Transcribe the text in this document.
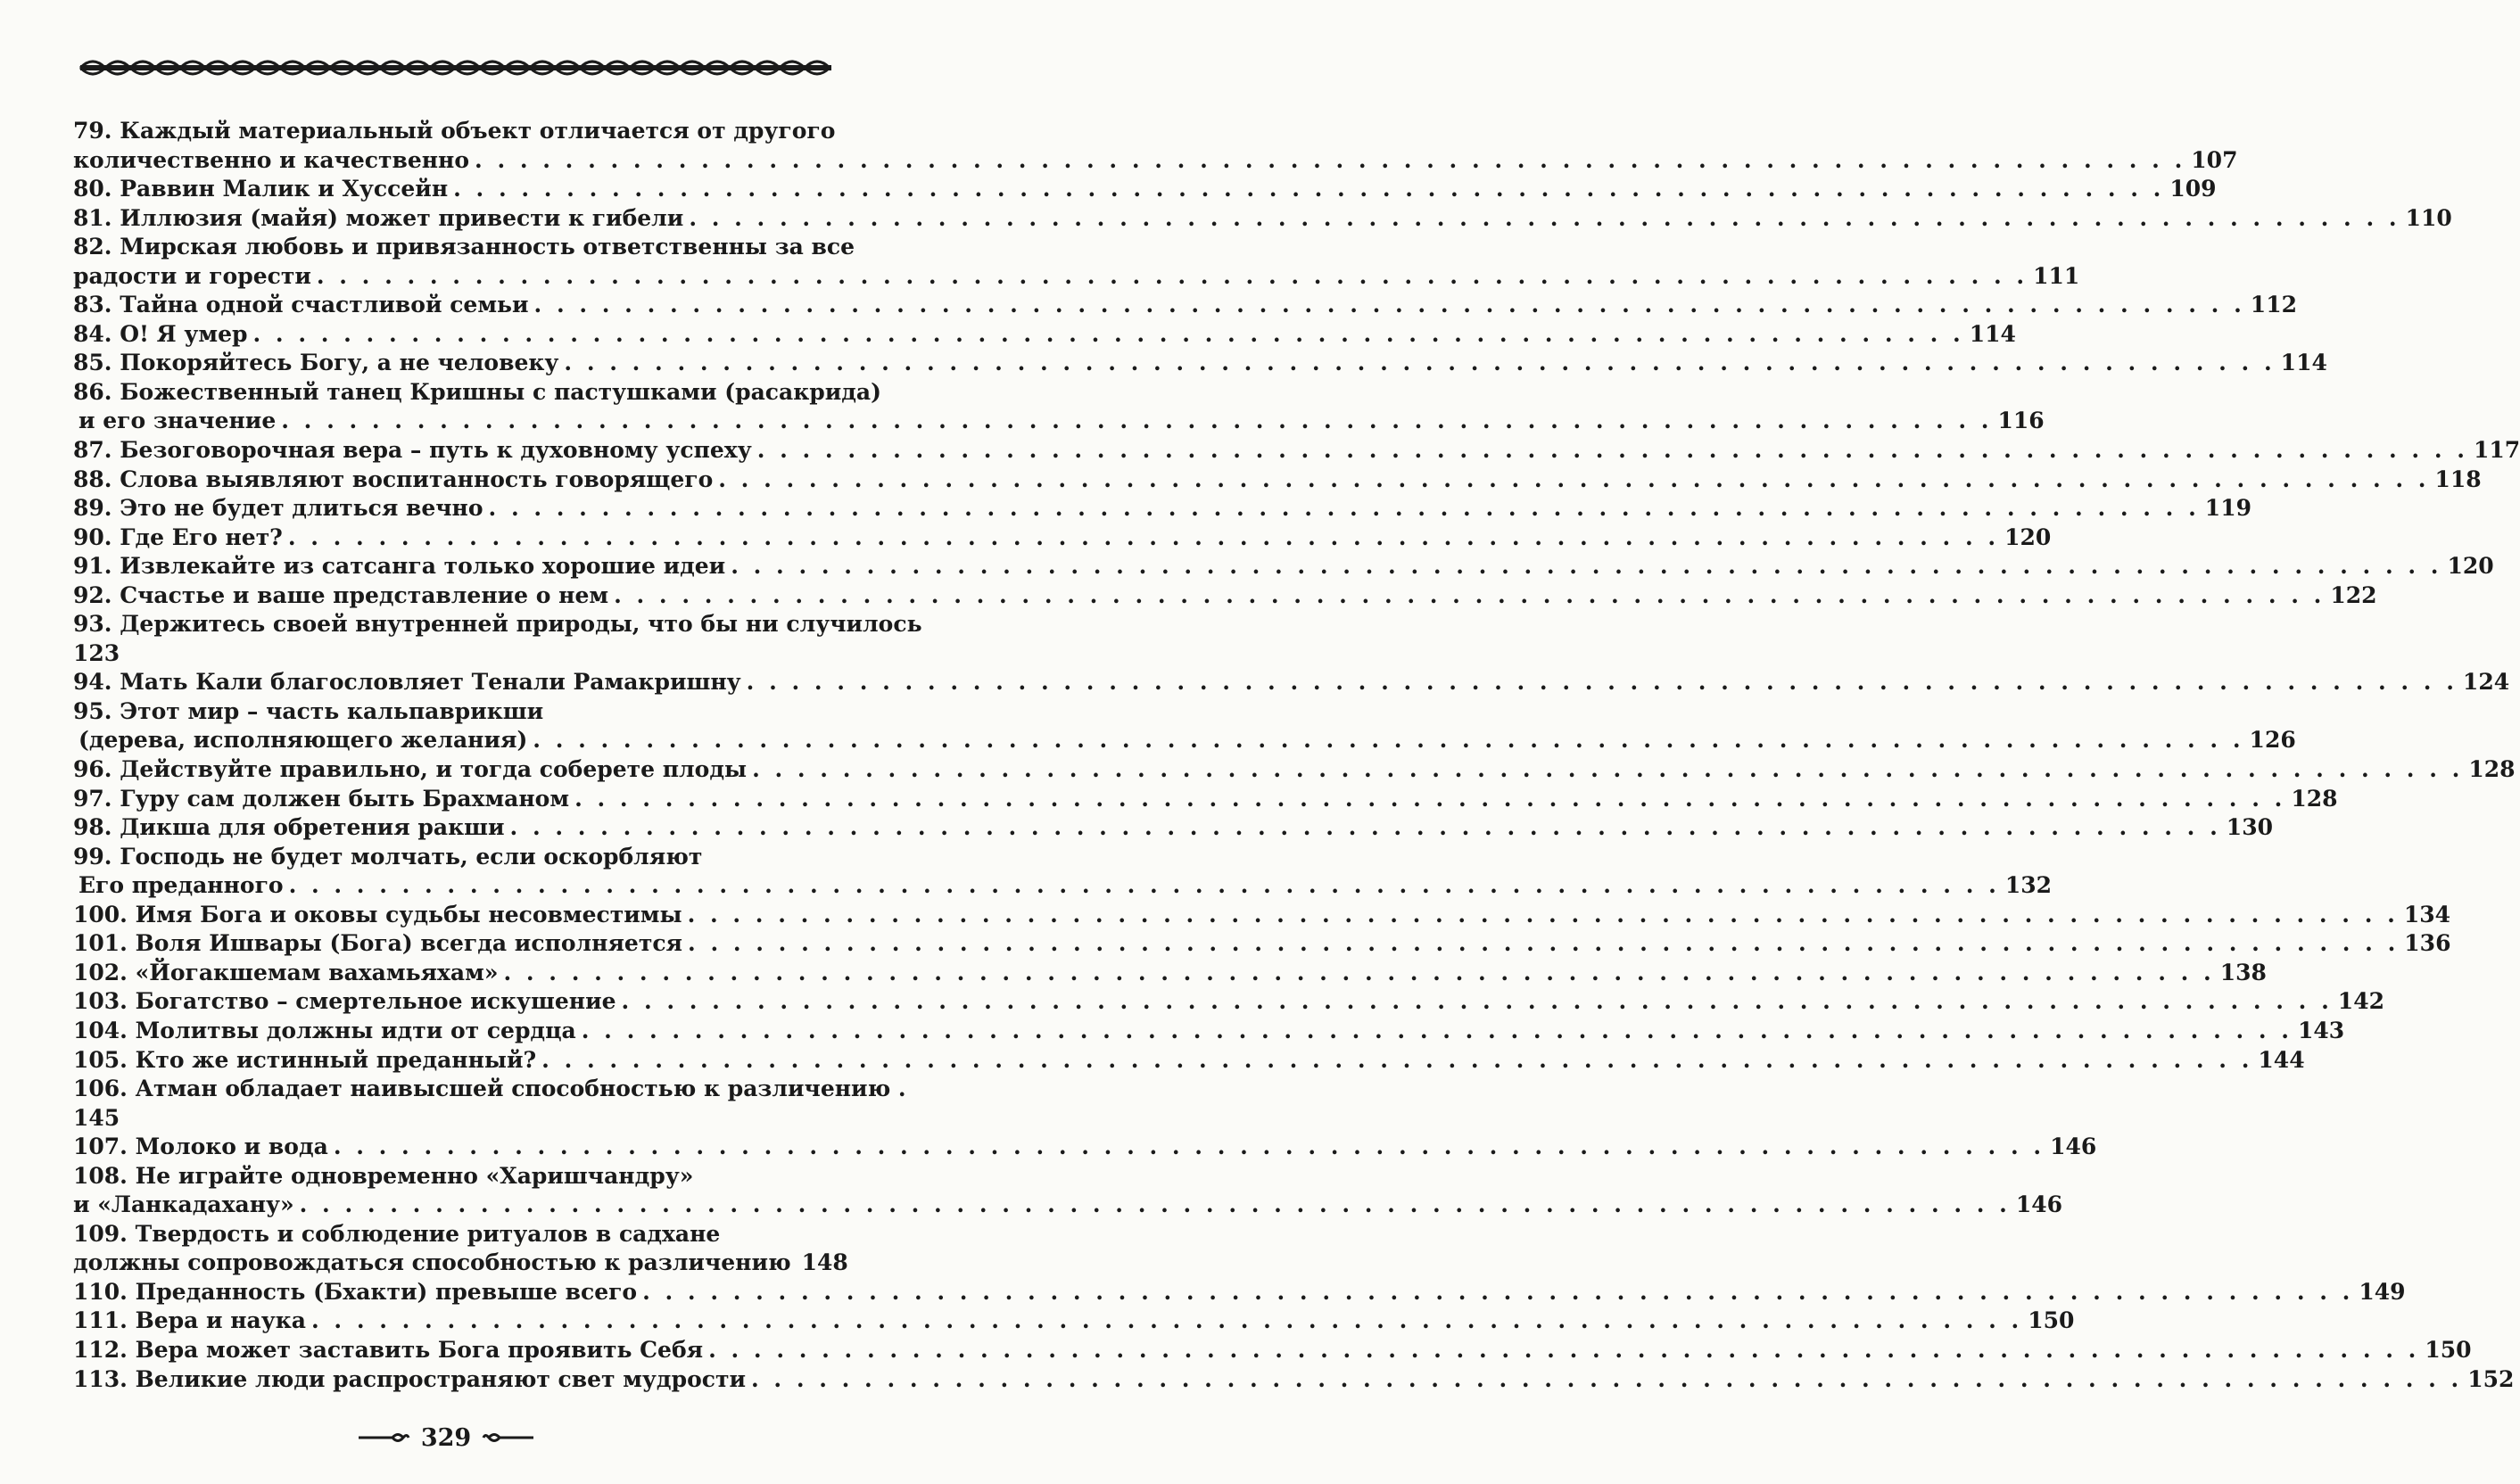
79. Каждый материальный объект отличается от другого
количественно и качественно . . .	107
80. Раввин Малик и Хуссейн . . .	109
81. Иллюзия (майя) может привести к гибели . . .	110
82. Мирская любовь и привязанность ответственны за все
радости и горести . . .	111
83. Тайна одной счастливой семьи . . .	112
84. О! Я умер . . .	114
85. Покоряйтесь Богу, а не человеку . . .	114
86. Божественный танец Кришны с пастушками (расакрида)
и его значение . . .	116
87. Безоговорочная вера – путь к духовному успеху . . .	117
88. Слова выявляют воспитанность говорящего . . .	118
89. Это не будет длиться вечно . . .	119
90. Где Его нет? . . .	120
91. Извлекайте из сатсанга только хорошие идеи . . .	120
92. Счастье и ваше представление о нем . . .	122
93. Держитесь своей внутренней природы, что бы ни случилось
123
94. Мать Кали благословляет Тенали Рамакришну . . .	124
95. Этот мир – часть кальпаврикши
(дерева, исполняющего желания) . . .	126
96. Действуйте правильно, и тогда соберете плоды . . .	128
97. Гуру сам должен быть Брахманом . . .	128
98. Дикша для обретения ракши . . .	130
99. Господь не будет молчать, если оскорбляют
Его преданного . . .	132
100. Имя Бога и оковы судьбы несовместимы . . .	134
101. Воля Ишвары (Бога) всегда исполняется . . .	136
102. «Йогакшемам вахамьяхам» . . .	138
103. Богатство – смертельное искушение . . .	142
104. Молитвы должны идти от сердца . . .	143
105. Кто же истинный преданный? . . .	144
106. Атман обладает наивысшей способностью к различению .
145
107. Молоко и вода . . .	146
108. Не играйте одновременно «Харишчандру»
и «Ланкадахану» . . .	146
109. Твердость и соблюдение ритуалов в садхане
должны сопровождаться способностью к различению 148
110. Преданность (Бхакти) превыше всего . . .	149
111. Вера и наука . . .	150
112. Вера может заставить Бога проявить Себя . . .	150
113. Великие люди распространяют свет мудрости . . .	152
329
